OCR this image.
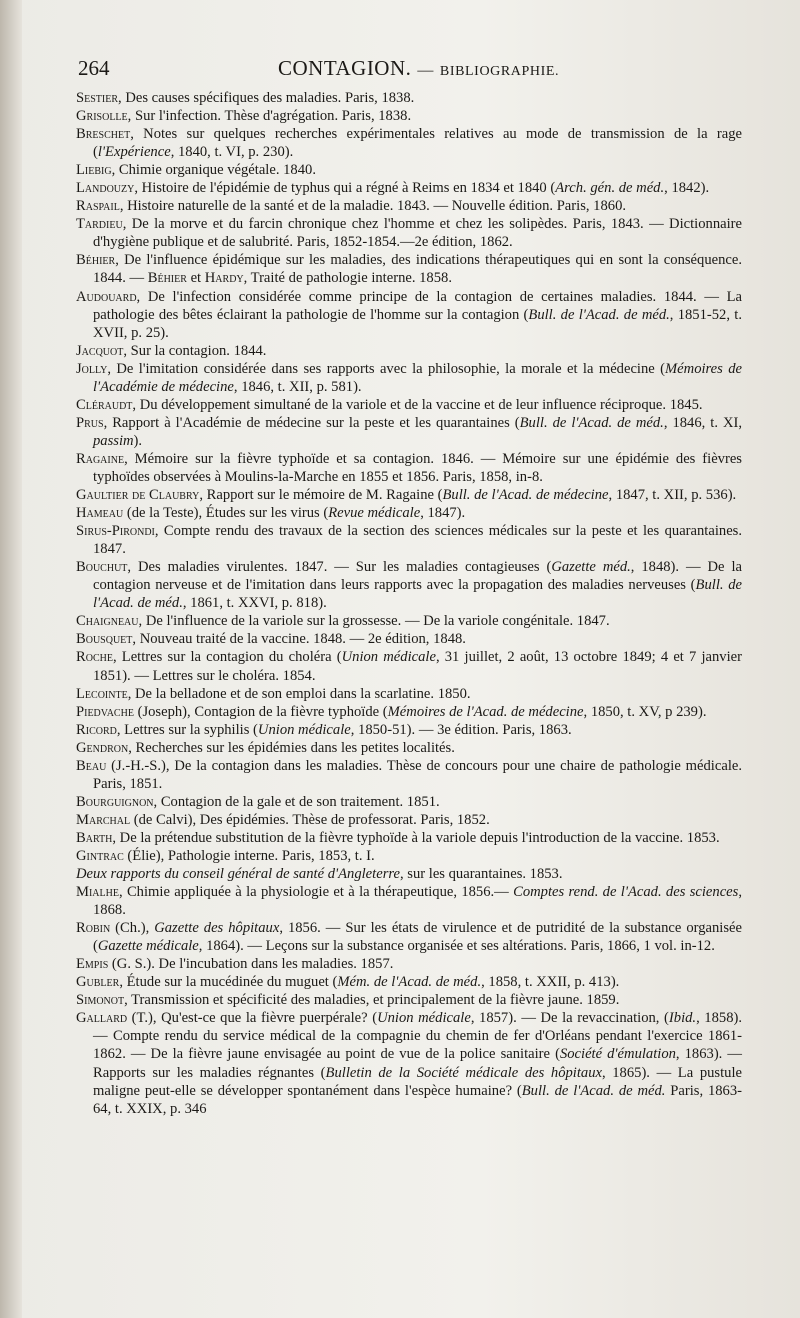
264	CONTAGION. — BIBLIOGRAPHIE.

Sestier, Des causes spécifiques des maladies. Paris, 1838.

Grisolle, Sur l'infection. Thèse d'agrégation. Paris, 1838.

Breschet, Notes sur quelques recherches expérimentales relatives au mode de transmission de la rage (l'Expérience, 1840, t. VI, p. 230).

Liebig, Chimie organique végétale. 1840.

Landouzy, Histoire de l'épidémie de typhus qui a régné à Reims en 1834 et 1840 (Arch. gén. de méd., 1842).

Raspail, Histoire naturelle de la santé et de la maladie. 1843. — Nouvelle édition. Paris, 1860.

Tardieu, De la morve et du farcin chronique chez l'homme et chez les solipèdes. Paris, 1843. — Dictionnaire d'hygiène publique et de salubrité. Paris, 1852-1854.—2e édition, 1862.

Béhier, De l'influence épidémique sur les maladies, des indications thérapeutiques qui en sont la conséquence. 1844. — Béhier et Hardy, Traité de pathologie interne. 1858.

Audouard, De l'infection considérée comme principe de la contagion de certaines maladies. 1844. — La pathologie des bêtes éclairant la pathologie de l'homme sur la contagion (Bull. de l'Acad. de méd., 1851-52, t. XVII, p. 25).

Jacquot, Sur la contagion. 1844.

Jolly, De l'imitation considérée dans ses rapports avec la philosophie, la morale et la médecine (Mémoires de l'Académie de médecine, 1846, t. XII, p. 581).

Cléraudt, Du développement simultané de la variole et de la vaccine et de leur influence réciproque. 1845.

Prus, Rapport à l'Académie de médecine sur la peste et les quarantaines (Bull. de l'Acad. de méd., 1846, t. XI, passim).

Ragaine, Mémoire sur la fièvre typhoïde et sa contagion. 1846. — Mémoire sur une épidémie des fièvres typhoïdes observées à Moulins-la-Marche en 1855 et 1856. Paris, 1858, in-8.

Gaultier de Claubry, Rapport sur le mémoire de M. Ragaine (Bull. de l'Acad. de médecine, 1847, t. XII, p. 536).

Hameau (de la Teste), Études sur les virus (Revue médicale, 1847).

Sirus-Pirondi, Compte rendu des travaux de la section des sciences médicales sur la peste et les quarantaines. 1847.

Bouchut, Des maladies virulentes. 1847. — Sur les maladies contagieuses (Gazette méd., 1848). — De la contagion nerveuse et de l'imitation dans leurs rapports avec la propagation des maladies nerveuses (Bull. de l'Acad. de méd., 1861, t. XXVI, p. 818).

Chaigneau, De l'influence de la variole sur la grossesse. — De la variole congénitale. 1847.

Bousquet, Nouveau traité de la vaccine. 1848. — 2e édition, 1848.

Roche, Lettres sur la contagion du choléra (Union médicale, 31 juillet, 2 août, 13 octobre 1849; 4 et 7 janvier 1851). — Lettres sur le choléra. 1854.

Lecointe, De la belladone et de son emploi dans la scarlatine. 1850.

Piedvache (Joseph), Contagion de la fièvre typhoïde (Mémoires de l'Acad. de médecine, 1850, t. XV, p 239).

Ricord, Lettres sur la syphilis (Union médicale, 1850-51). — 3e édition. Paris, 1863.

Gendron, Recherches sur les épidémies dans les petites localités.

Beau (J.-H.-S.), De la contagion dans les maladies. Thèse de concours pour une chaire de pathologie médicale. Paris, 1851.

Bourguignon, Contagion de la gale et de son traitement. 1851.

Marchal (de Calvi), Des épidémies. Thèse de professorat. Paris, 1852.

Barth, De la prétendue substitution de la fièvre typhoïde à la variole depuis l'introduction de la vaccine. 1853.

Gintrac (Élie), Pathologie interne. Paris, 1853, t. I.

Deux rapports du conseil général de santé d'Angleterre, sur les quarantaines. 1853.

Mialhe, Chimie appliquée à la physiologie et à la thérapeutique, 1856.— Comptes rend. de l'Acad. des sciences, 1868.

Robin (Ch.), Gazette des hôpitaux, 1856. — Sur les états de virulence et de putridité de la substance organisée (Gazette médicale, 1864). — Leçons sur la substance organisée et ses altérations. Paris, 1866, 1 vol. in-12.

Empis (G. S.). De l'incubation dans les maladies. 1857.

Gubler, Étude sur la mucédinée du muguet (Mém. de l'Acad. de méd., 1858, t. XXII, p. 413).

Simonot, Transmission et spécificité des maladies, et principalement de la fièvre jaune. 1859.

Gallard (T.), Qu'est-ce que la fièvre puerpérale? (Union médicale, 1857). — De la revaccination, (Ibid., 1858). — Compte rendu du service médical de la compagnie du chemin de fer d'Orléans pendant l'exercice 1861-1862. — De la fièvre jaune envisagée au point de vue de la police sanitaire (Société d'émulation, 1863). — Rapports sur les maladies régnantes (Bulletin de la Société médicale des hôpitaux, 1865). — La pustule maligne peut-elle se développer spontanément dans l'espèce humaine? (Bull. de l'Acad. de méd. Paris, 1863-64, t. XXIX, p. 346
